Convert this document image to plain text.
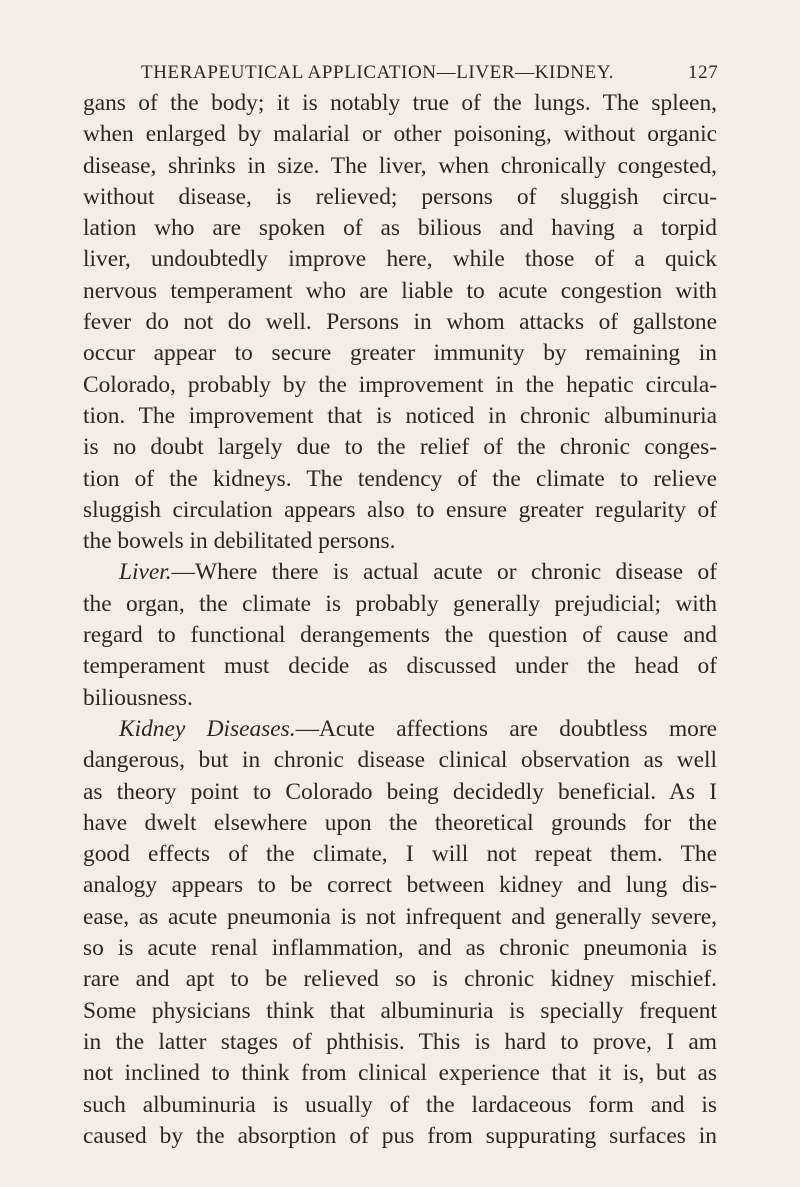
THERAPEUTICAL APPLICATION—LIVER—KIDNEY.	127
gans of the body; it is notably true of the lungs. The spleen,
when enlarged by malarial or other poisoning, without organic
disease, shrinks in size. The liver, when chronically congested,
without disease, is relieved; persons of sluggish circu-
lation who are spoken of as bilious and having a torpid
liver, undoubtedly improve here, while those of a quick
nervous temperament who are liable to acute congestion with
fever do not do well. Persons in whom attacks of gallstone
occur appear to secure greater immunity by remaining in
Colorado, probably by the improvement in the hepatic circula-
tion. The improvement that is noticed in chronic albuminuria
is no doubt largely due to the relief of the chronic conges-
tion of the kidneys. The tendency of the climate to relieve
sluggish circulation appears also to ensure greater regularity of
the bowels in debilitated persons.
Liver.—Where there is actual acute or chronic disease of
the organ, the climate is probably generally prejudicial; with
regard to functional derangements the question of cause and
temperament must decide as discussed under the head of
biliousness.
Kidney Diseases.—Acute affections are doubtless more
dangerous, but in chronic disease clinical observation as well
as theory point to Colorado being decidedly beneficial. As I
have dwelt elsewhere upon the theoretical grounds for the
good effects of the climate, I will not repeat them. The
analogy appears to be correct between kidney and lung dis-
ease, as acute pneumonia is not infrequent and generally severe,
so is acute renal inflammation, and as chronic pneumonia is
rare and apt to be relieved so is chronic kidney mischief.
Some physicians think that albuminuria is specially frequent
in the latter stages of phthisis. This is hard to prove, I am
not inclined to think from clinical experience that it is, but as
such albuminuria is usually of the lardaceous form and is
caused by the absorption of pus from suppurating surfaces in
